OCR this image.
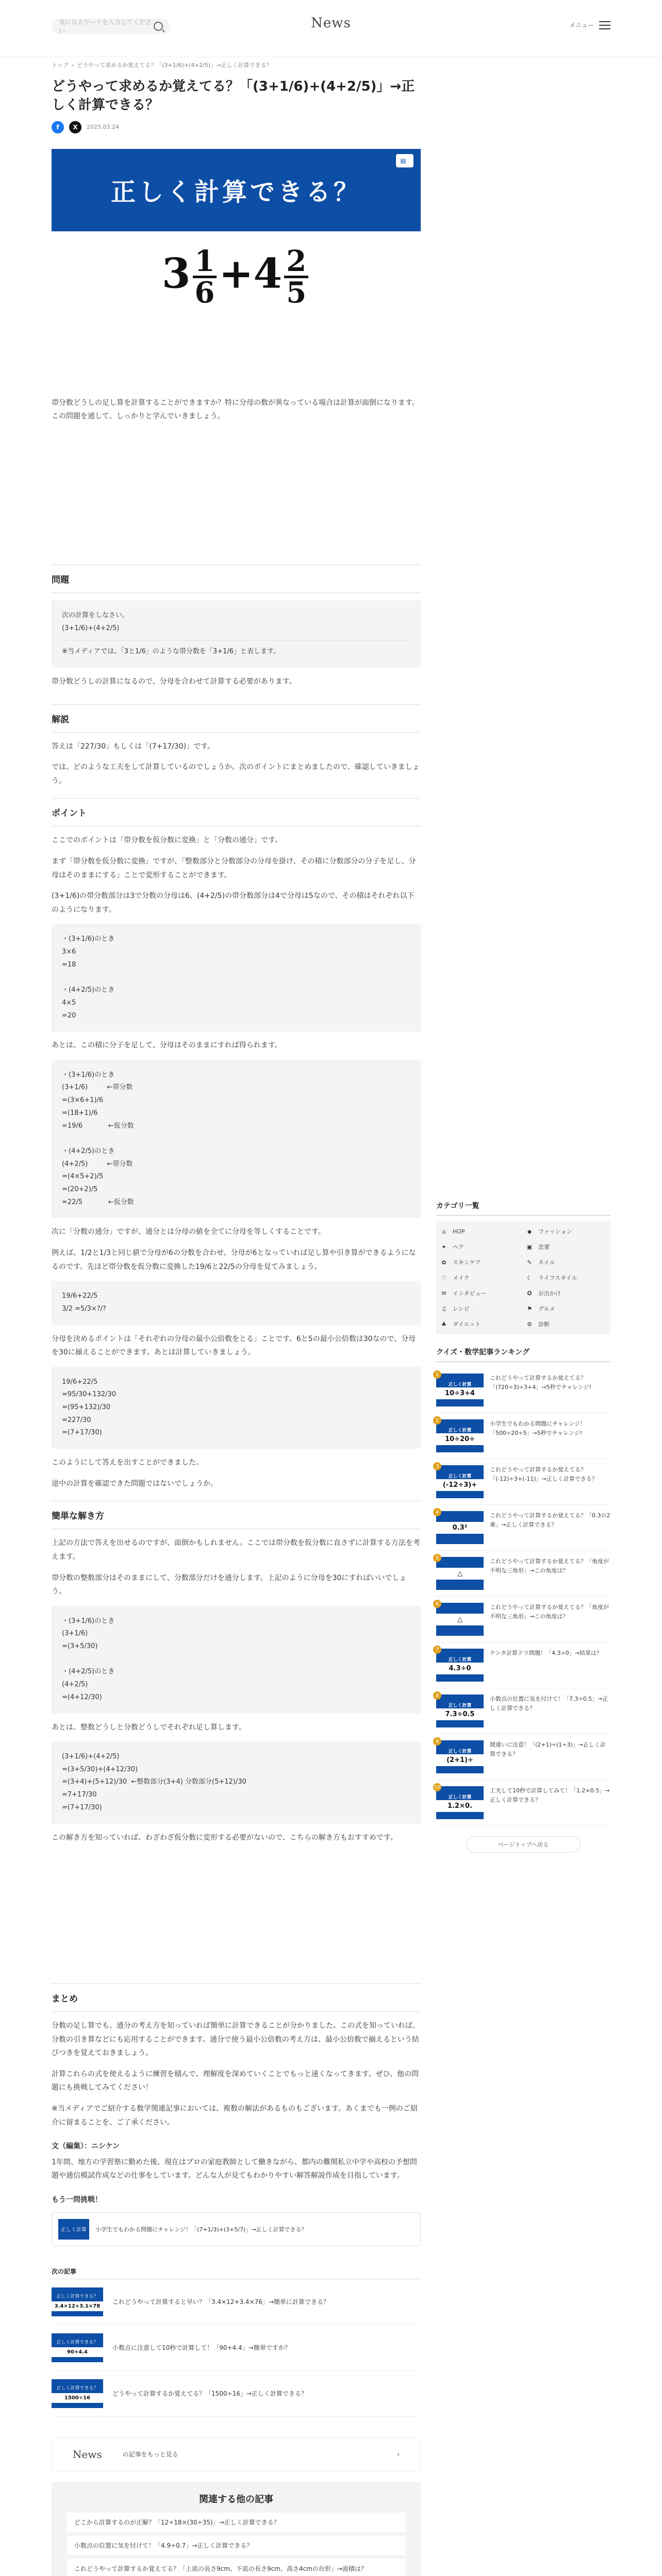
気になるワードを入力してください	News	メニュー
トップ › どうやって求めるか覚えてる？「(3+1/6)+(4+2/5)」→正しく計算できる？
どうやって求めるか覚えてる？「(3+1/6)+(4+2/5)」→正しく計算できる？
f	X	2025.03.24
正しく計算できる？
▤
$3 \frac{1}{6} +4 \frac{2}{5}$

帯分数どうしの足し算を計算することができますか？特に分母の数が異なっている場合は計算が面倒になります。この問題を通して、しっかりと学んでいきましょう。

問題
次の計算をしなさい。
(3+1/6)+(4+2/5)
※当メディアでは、「3と1/6」のような帯分数を「3+1/6」と表します。

帯分数どうしの計算になるので、分母を合わせて計算する必要があります。

解説

答えは「227/30」もしくは「(7+17/30)」です。

では、どのような工夫をして計算しているのでしょうか。次のポイントにまとめましたので、確認していきましょう。

ポイント

ここでのポイントは「帯分数を仮分数に変換」と「分数の通分」です。

まず「帯分数を仮分数に変換」ですが、「整数部分と分数部分の分母を掛け、その積に分数部分の分子を足し、分母はそのままにする」ことで変形することができます。

(3+1/6)の帯分数部分は3で分数の分母は6、(4+2/5)の帯分数部分は4で分母は5なので、その積はそれぞれ以下のようになります。

・(3+1/6)のとき
3×6
=18

・(4+2/5)のとき
4×5
=20

あとは、この積に分子を足して、分母はそのままにすれば得られます。

・(3+1/6)のとき
(3+1/6)         ←帯分数
=(3×6+1)/6
=(18+1)/6
=19/6            ←仮分数

・(4+2/5)のとき
(4+2/5)         ←帯分数
=(4×5+2)/5
=(20+2)/5
=22/5            ←仮分数

次に「分数の通分」ですが、通分とは分母の値を全てに分母を等しくすることです。

例えば、1/2と1/3と同じ値で分母が6の分数を合わせ、分母が6となっていれば足し算や引き算ができるようになるのです。先ほど帯分数を仮分数に変換した19/6と22/5の分母を見てみましょう。

19/6+22/5
3/2 =5/3×?/?

分母を決めるポイントは「それぞれの分母の最小公倍数をとる」ことです。6と5の最小公倍数は30なので、分母を30に揃えることができます。あとは計算していきましょう。

19/6+22/5
=95/30+132/30
=(95+132)/30
=227/30
=(7+17/30)

このようにして答えを出すことができました。

途中の計算を確認できた問題ではないでしょうか。

簡単な解き方

上記の方法で答えを出せるのですが、面倒かもしれません。ここでは帯分数を仮分数に直さずに計算する方法を考えます。

帯分数の整数部分はそのままにして、分数部分だけを通分します。上記のように分母を30にすればいいでしょう。

・(3+1/6)のとき
(3+1/6)
=(3+5/30)

・(4+2/5)のとき
(4+2/5)
=(4+12/30)

あとは、整数どうしと分数どうしでそれぞれ足し算します。

(3+1/6)+(4+2/5)
=(3+5/30)+(4+12/30)
=(3+4)+(5+12)/30  ←整数部分(3+4) 分数部分(5+12)/30
=7+17/30
=(7+17/30)

この解き方を知っていれば、わざわざ仮分数に変形する必要がないので、こちらの解き方もおすすめです。

カテゴリ一覧
⌂	HOP	◆ ファッション
✦ ヘア	▣ 恋愛
✿ スキンケア	✎ ネイル
♡ メイク	☾ ライフスタイル
✉ インタビュー	✪ お出かけ
♫ レシピ	⚑ グルメ
♣ ダイエット	⚙ 診断
クイズ・数学記事ランキング
1
正しく計算
10÷3+4
これどうやって計算するか覚えてる？「(720÷3)÷3+4」→5秒でチャレンジ!
2
正しく計算
10÷20÷
小学生でもわかる問題にチャレンジ！「500÷20÷5」→5秒でチャレンジ!
3
正しく計算
(-12÷3)+
これどうやって計算するか覚えてる？「(-12)÷3+(-11)」→正しく計算できる？
4
0.3²
これどうやって計算するか覚えてる？「0.3の2乗」→正しく計算できる？
5
△
これどうやって計算するか覚えてる？「角度が不明な三角形」→この角度は？
6
△
これどうやって計算するか覚えてる？「角度が不明な三角形」→この角度は？
7
正しく計算
4.3÷0
ケンタ計算ドリ問題！「4.3÷0」→結果は？
8
正しく計算
7.3÷0.5
小数点の位置に気を付けて！「7.3÷0.5」→正しく計算できる？
9
正しく計算
(2+1)÷
間違いに注意！「(2+1)÷(1÷3)」→正しく計算できる？
10
正しく計算
1.2×0.
工夫して10秒で計算してみて！「1.2×0.5」→正しく計算できる？
ページトップへ戻る
まとめ

分数の足し算でも、通分の考え方を知っていれば簡単に計算できることが分かりました。この式を知っていれば、分数の引き算などにも応用することができます。通分で使う最小公倍数の考え方は、最小公倍数で揃えるという結びつきを覚えておきましょう。

計算これらの式を使えるように練習を積んで、理解度を深めていくことでもっと速くなってきます。ぜひ、他の問題にも挑戦してみてください！

※当メディアでご紹介する数学関連記事においては、複数の解法があるものもございます。あくまでも一例のご紹介に留まることを、ご了承ください。

文（編集）：ニシケン

1年間、地方の学習塾に勤めた後、現在はプロの家庭教師として働きながら、都内の難関私立中学や高校の予想問題や通信模試作成などの仕事をしています。どんな人が見てもわかりやすい解答解説作成を目指しています。

もう一問挑戦！

正しく計算	小学生でもわかる問題にチャレンジ！「(7+1/3)+(3+5/7)」→正しく計算できる？
次の記事
正しく計算できる？
3.4×12+3.1×78
これどうやって計算すると早い？「3.4×12+3.4×76」→簡単に計算できる？
正しく計算できる？
90+4.4
小数点に注意して10秒で計算して！「90+4.4」→簡単ですか？
正しく計算できる？
1500÷16
どうやって計算するか覚えてる？「1500÷16」→正しく計算できる？
News	の記事をもっと見る	›
関連する他の記事
どこから計算するのが正解？「12÷18×(30÷35)」→正しく計算できる？
小数点の位置に気を付けて！「4.9÷0.7」→正しく計算できる？
これどうやって計算するか覚えてる？「上底の長さ9cm、下底の長さ9cm、高さ4cmの台形」→面積は？
